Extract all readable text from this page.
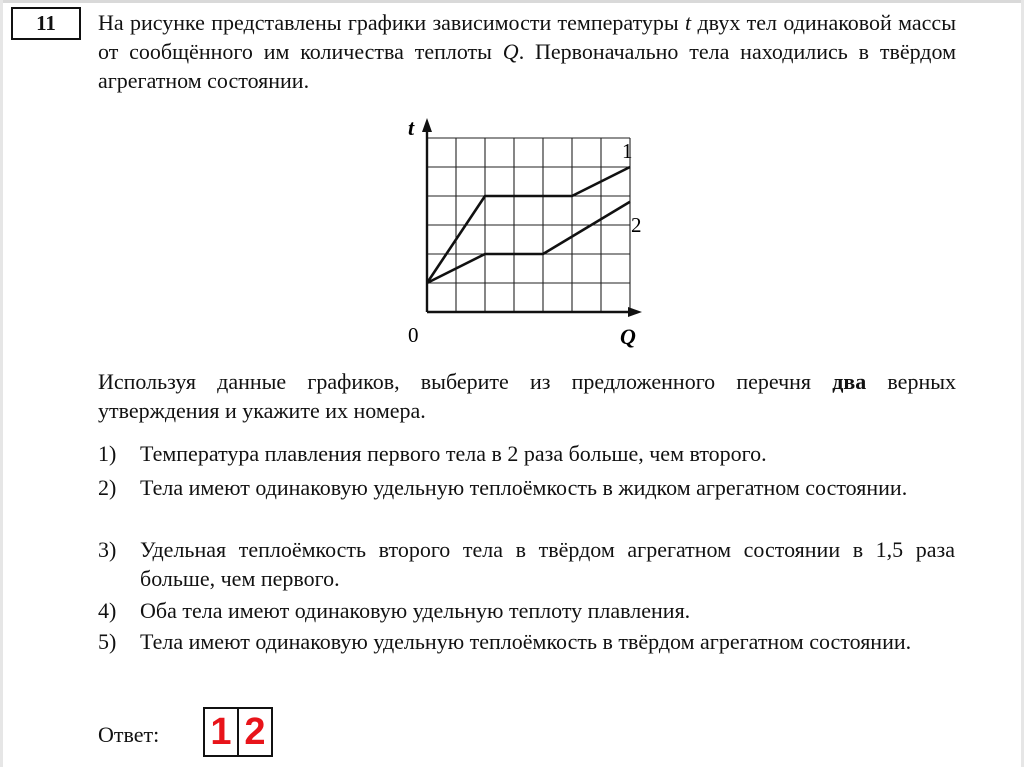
11	На рисунке представлены графики зависимости температуры t двух тел одинаковой массы от сообщённого им количества теплоты Q. Первоначально тела находились в твёрдом агрегатном состоянии.
t
Q
0
1
2
Используя данные графиков, выберите из предложенного перечня два верных утверждения и укажите их номера.
1)	Температура плавления первого тела в 2 раза больше, чем второго.
2)	Тела имеют одинаковую удельную теплоёмкость в жидком агрегатном состоянии.
3)	Удельная теплоёмкость второго тела в твёрдом агрегатном состоянии в 1,5 раза больше, чем первого.
4)	Оба тела имеют одинаковую удельную теплоту плавления.
5)	Тела имеют одинаковую удельную теплоёмкость в твёрдом агрегатном состоянии.
Ответ: 1 2
